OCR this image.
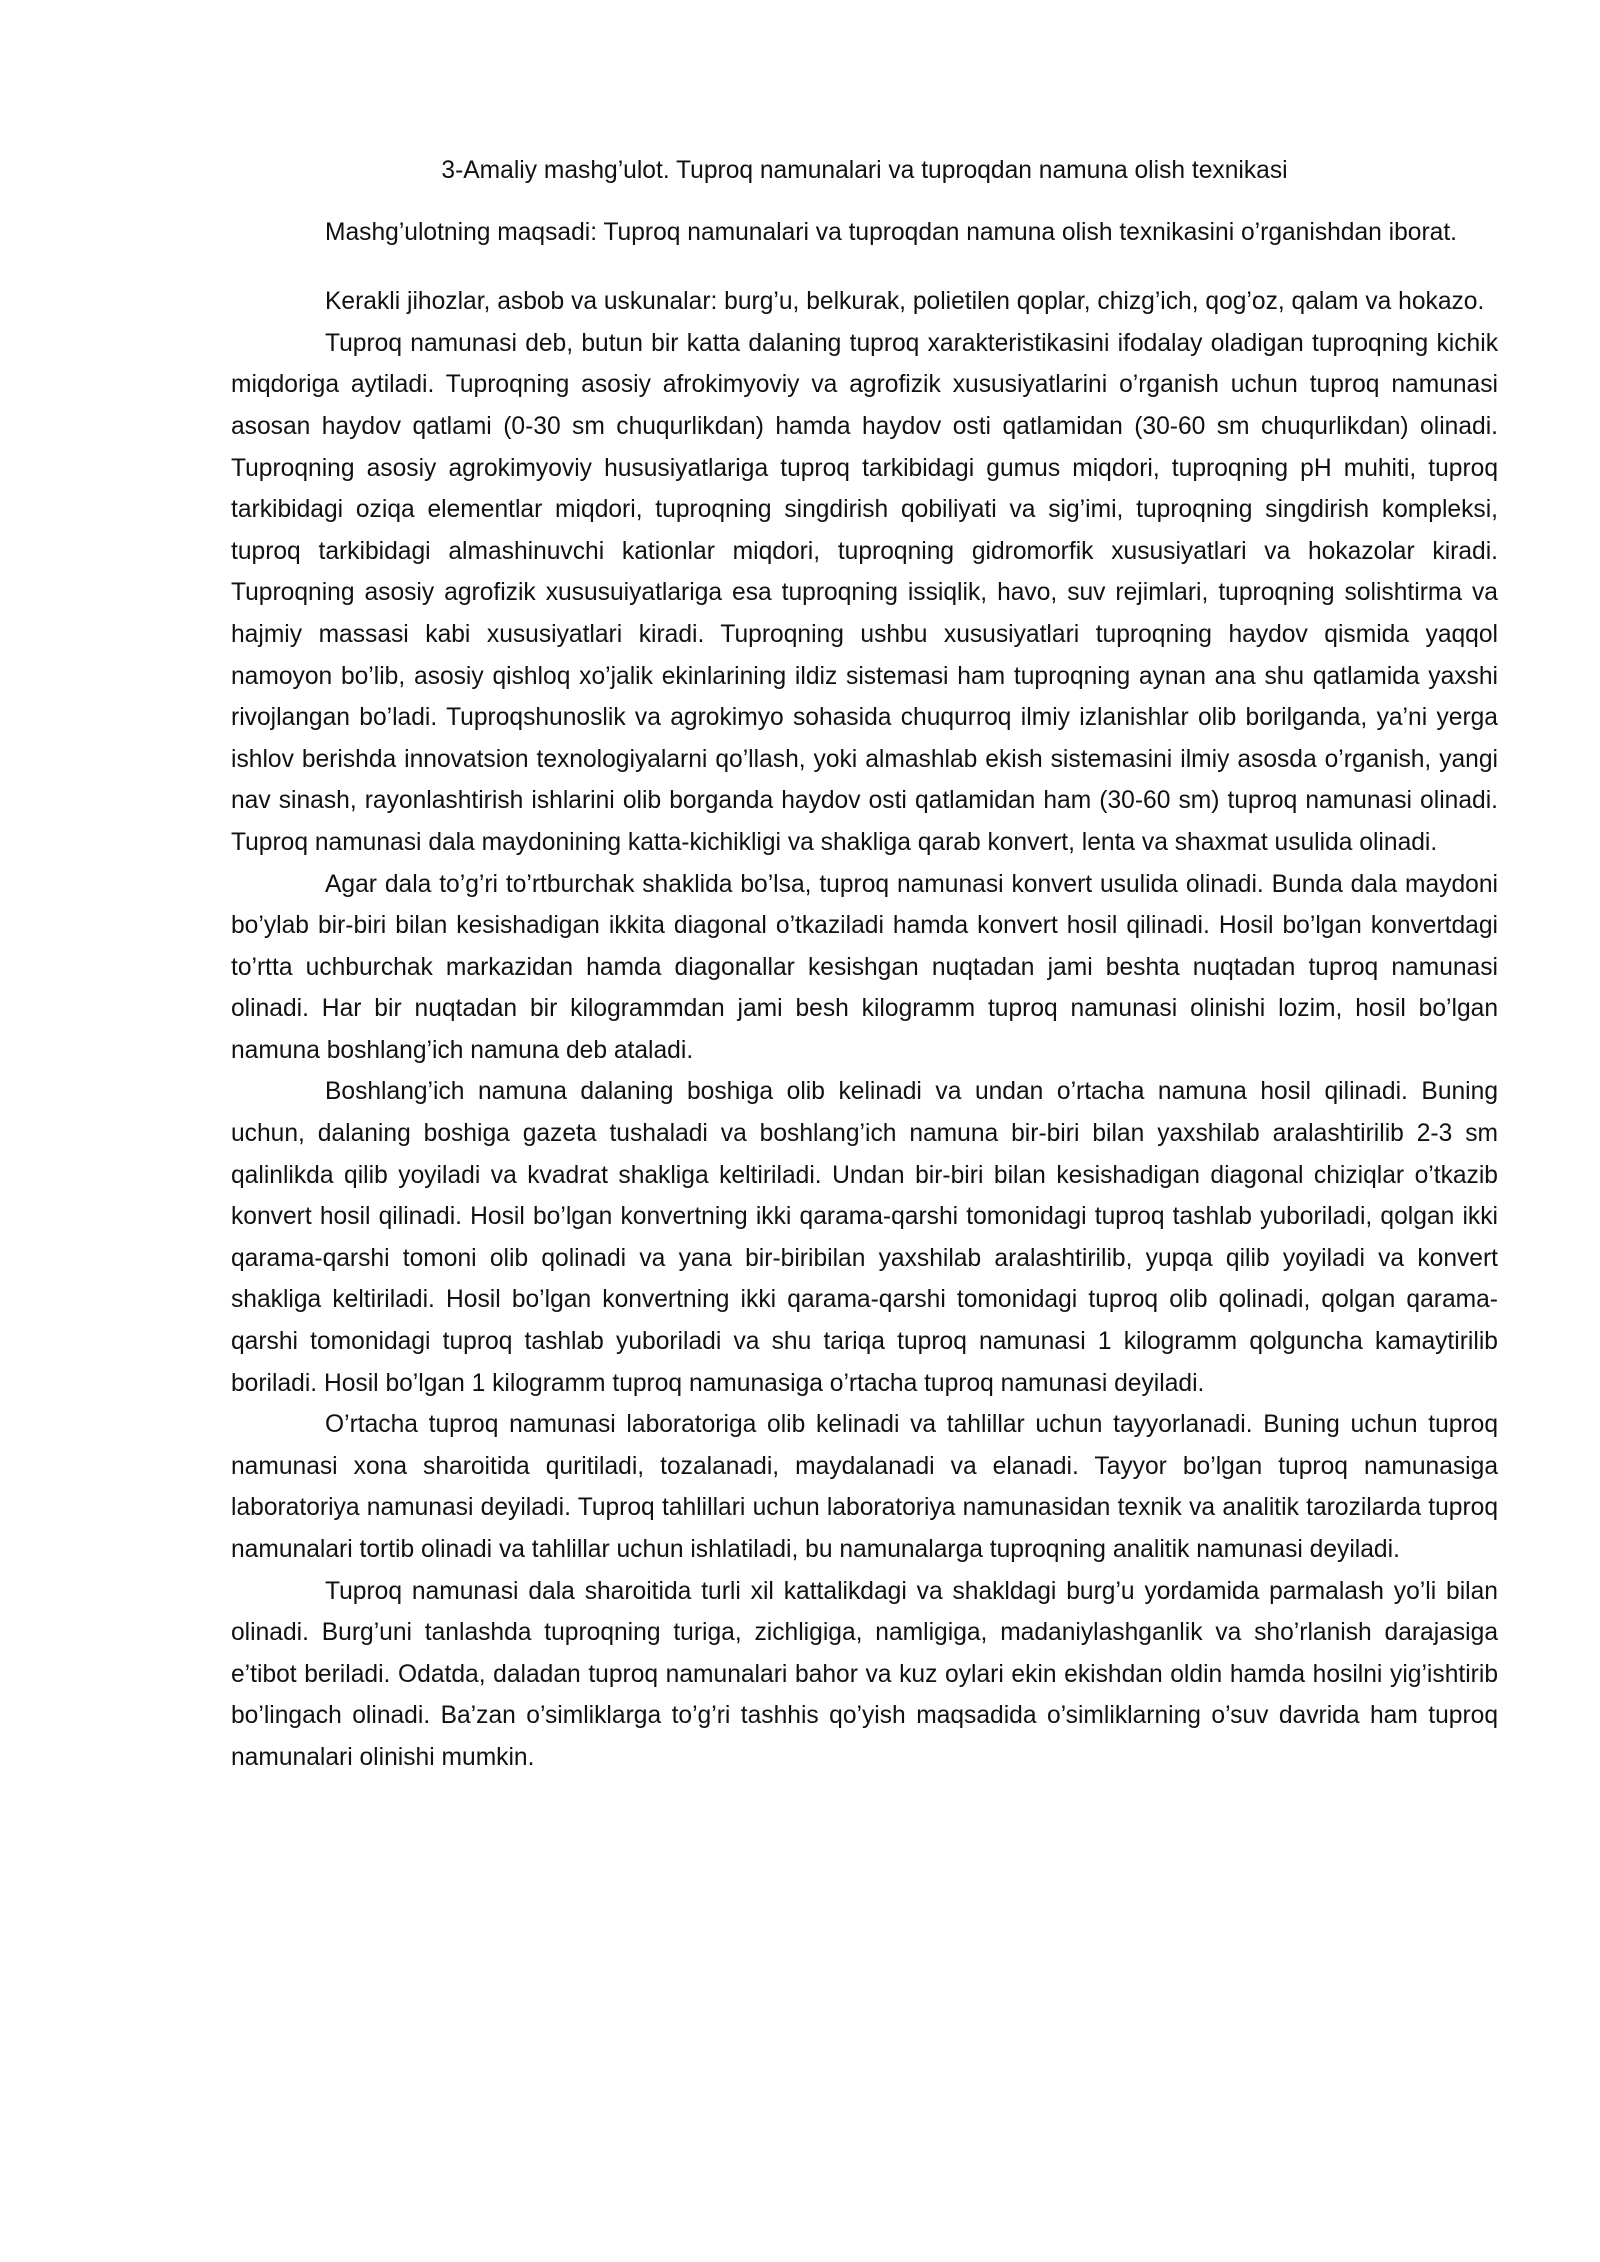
3-Amaliy mashg’ulot. Tuproq namunalari va tuproqdan namuna olish texnikasi

Mashg’ulotning maqsadi: Tuproq namunalari va tuproqdan namuna olish texnikasini o’rganishdan iborat.

Kerakli jihozlar, asbob va uskunalar: burg’u, belkurak, polietilen qoplar, chizg’ich, qog’oz, qalam va hokazo.

Tuproq namunasi deb, butun bir katta dalaning tuproq xarakteristikasini ifodalay oladigan tuproqning kichik miqdoriga aytiladi. Tuproqning asosiy afrokimyoviy va agrofizik xususiyatlarini o’rganish uchun tuproq namunasi asosan haydov qatlami (0-30 sm chuqurlikdan) hamda haydov osti qatlamidan (30-60 sm chuqurlikdan) olinadi. Tuproqning asosiy agrokimyoviy hususiyatlariga tuproq tarkibidagi gumus miqdori, tuproqning pH muhiti, tuproq tarkibidagi oziqa elementlar miqdori, tuproqning singdirish qobiliyati va sig’imi, tuproqning singdirish kompleksi, tuproq tarkibidagi almashinuvchi kationlar miqdori, tuproqning gidromorfik xususiyatlari va hokazolar kiradi. Tuproqning asosiy agrofizik xususuiyatlariga esa tuproqning issiqlik, havo, suv rejimlari, tuproqning solishtirma va hajmiy massasi kabi xususiyatlari kiradi. Tuproqning ushbu xususiyatlari tuproqning haydov qismida yaqqol namoyon bo’lib, asosiy qishloq xo’jalik ekinlarining ildiz sistemasi ham tuproqning aynan ana shu qatlamida yaxshi rivojlangan bo’ladi. Tuproqshunoslik va agrokimyo sohasida chuqurroq ilmiy izlanishlar olib borilganda, ya’ni yerga ishlov berishda innovatsion texnologiyalarni qo’llash, yoki almashlab ekish sistemasini ilmiy asosda o’rganish, yangi nav sinash, rayonlashtirish ishlarini olib borganda haydov osti qatlamidan ham (30-60 sm) tuproq namunasi olinadi. Tuproq namunasi dala maydonining katta-kichikligi va shakliga qarab konvert, lenta va shaxmat usulida olinadi.

Agar dala to’g’ri to’rtburchak shaklida bo’lsa, tuproq namunasi konvert usulida olinadi. Bunda dala maydoni bo’ylab bir-biri bilan kesishadigan ikkita diagonal o’tkaziladi hamda konvert hosil qilinadi. Hosil bo’lgan konvertdagi to’rtta uchburchak markazidan hamda diagonallar kesishgan nuqtadan jami beshta nuqtadan tuproq namunasi olinadi. Har bir nuqtadan bir kilogrammdan jami besh kilogramm tuproq namunasi olinishi lozim, hosil bo’lgan namuna boshlang’ich namuna deb ataladi.

Boshlang’ich namuna dalaning boshiga olib kelinadi va undan o’rtacha namuna hosil qilinadi. Buning uchun, dalaning boshiga gazeta tushaladi va boshlang’ich namuna bir-biri bilan yaxshilab aralashtirilib 2-3 sm qalinlikda qilib yoyiladi va kvadrat shakliga keltiriladi. Undan bir-biri bilan kesishadigan diagonal chiziqlar o’tkazib konvert hosil qilinadi. Hosil bo’lgan konvertning ikki qarama-qarshi tomonidagi tuproq tashlab yuboriladi, qolgan ikki qarama-qarshi tomoni olib qolinadi va yana bir-biribilan yaxshilab aralashtirilib, yupqa qilib yoyiladi va konvert shakliga keltiriladi. Hosil bo’lgan konvertning ikki qarama-qarshi tomonidagi tuproq olib qolinadi, qolgan qarama-qarshi tomonidagi tuproq tashlab yuboriladi va shu tariqa tuproq namunasi 1 kilogramm qolguncha kamaytirilib boriladi. Hosil bo’lgan 1 kilogramm tuproq namunasiga o’rtacha tuproq namunasi deyiladi.

O’rtacha tuproq namunasi laboratoriga olib kelinadi va tahlillar uchun tayyorlanadi. Buning uchun tuproq namunasi xona sharoitida quritiladi, tozalanadi, maydalanadi va elanadi. Tayyor bo’lgan tuproq namunasiga laboratoriya namunasi deyiladi. Tuproq tahlillari uchun laboratoriya namunasidan texnik va analitik tarozilarda tuproq namunalari tortib olinadi va tahlillar uchun ishlatiladi, bu namunalarga tuproqning analitik namunasi deyiladi.

Tuproq namunasi dala sharoitida turli xil kattalikdagi va shakldagi burg’u yordamida parmalash yo’li bilan olinadi. Burg’uni tanlashda tuproqning turiga, zichligiga, namligiga, madaniylashganlik va sho’rlanish darajasiga e’tibot beriladi. Odatda, daladan tuproq namunalari bahor va kuz oylari ekin ekishdan oldin hamda hosilni yig’ishtirib bo’lingach olinadi. Ba’zan o’simliklarga to’g’ri tashhis qo’yish maqsadida o’simliklarning o’suv davrida ham tuproq namunalari olinishi mumkin.
